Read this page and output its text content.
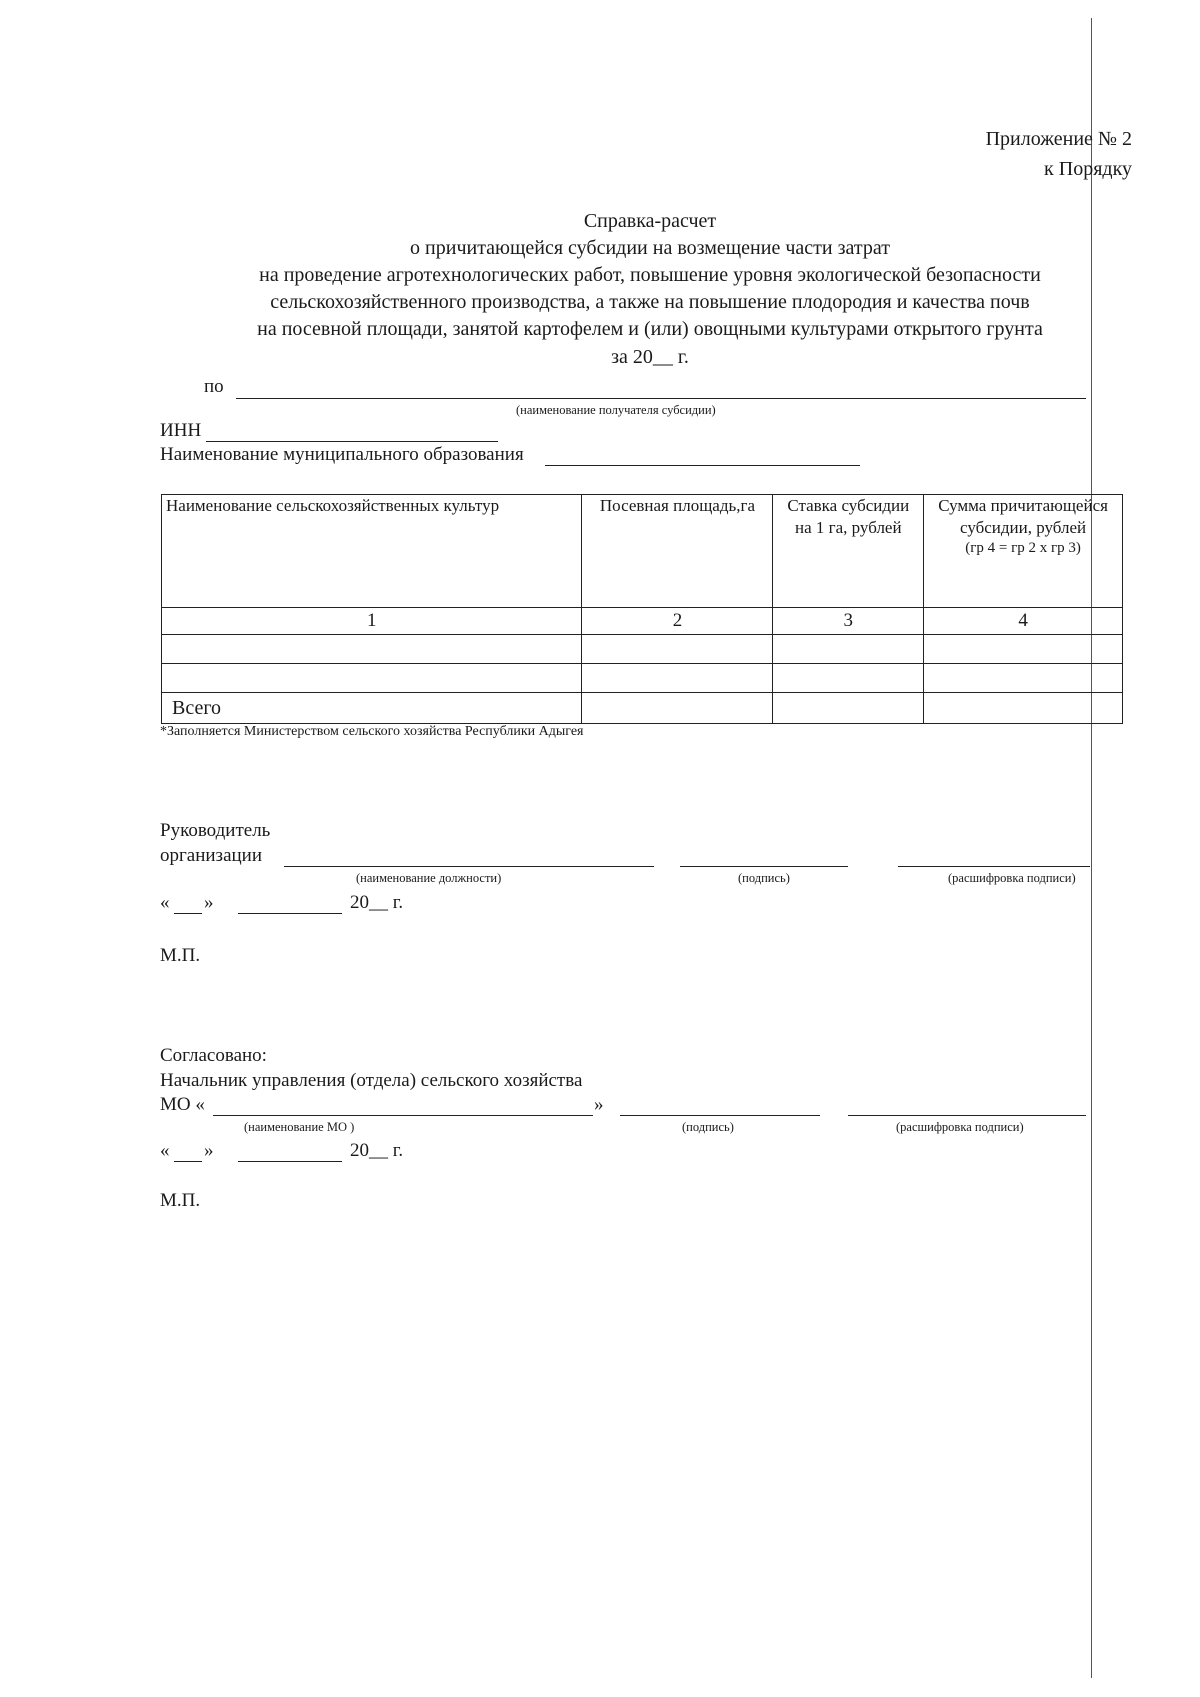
Приложение № 2
к Порядку
Справка-расчет
о причитающейся субсидии на возмещение части затрат
на проведение агротехнологических работ, повышение уровня экологической безопасности
сельскохозяйственного производства, а также на повышение плодородия и качества почв
на посевной площади, занятой картофелем и (или) овощными культурами открытого грунта
за 20__ г.
по
(наименование получателя субсидии)
ИНН
Наименование муниципального образования
Наименование сельскохозяйственных культур	Посевная площадь,га	Ставка субсидии на 1 га, рублей	Сумма причитающейся субсидии, рублей
(гр 4 = гр 2 х гр 3)

1	2	3	4

Всего			
*Заполняется Министерством сельского хозяйства Республики Адыгея
Руководитель
организации
(наименование должности)	(подпись)	(расшифровка подписи)
« »	20__ г.
М.П.
Согласовано:
Начальник управления (отдела) сельского хозяйства
МО «	»
(наименование МО )	(подпись)	(расшифровка подписи)
« »	20__ г.
М.П.
